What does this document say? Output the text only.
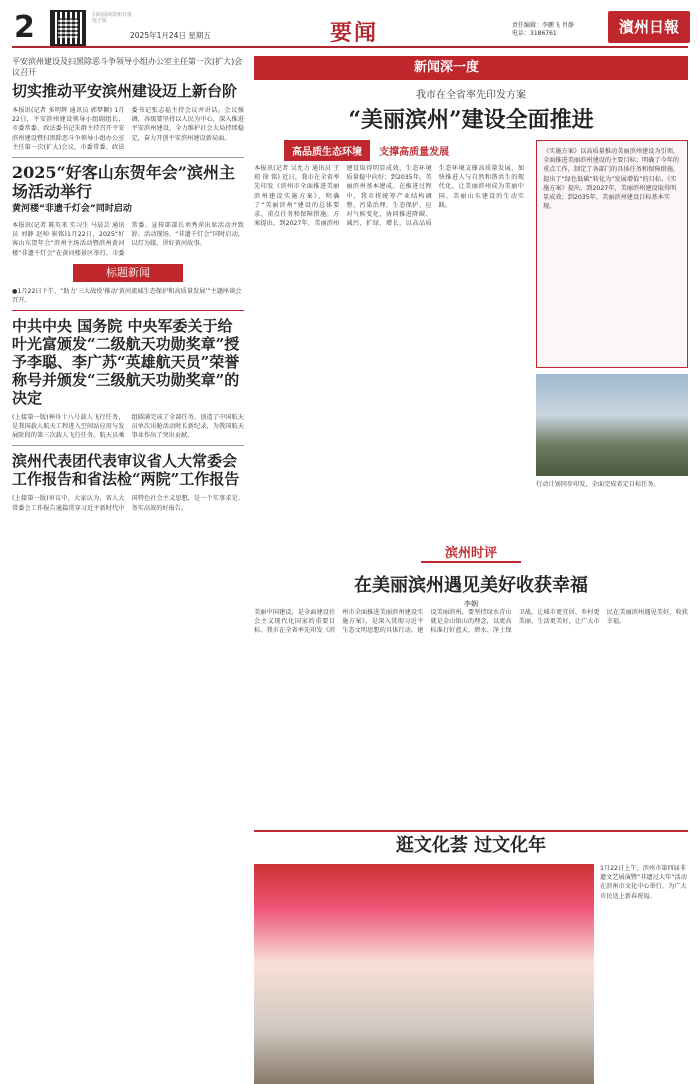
2	扫码阅读滨州日报电子版
2025年1月24日 星期五	要闻	责任编辑：李鹏飞 肖静
电话：3186761	濱州日報
平安滨州建设及扫黑除恶斗争领导小组办公室主任第一次(扩大)会议召开
切实推动平安滨州建设迈上新台阶
本报讯(记者 多明辉 通讯员 郭梦颖) 1月22日，平安滨州建设领导小组副组长、市委常委、政法委书记朱群主持召开平安滨州建设暨扫黑除恶斗争领导小组办公室主任第一次(扩大)会议，市委常委、政法委书记张志福主持会议并讲话。会议强调，各级要坚持以人民为中心，深入推进平安滨州建设，全力维护社会大局持续稳定，奋力开创平安滨州建设新局面。
2025“好客山东贺年会”滨州主场活动举行
黄河楼“非遗千灯会”同时启动
本报讯(记者 陈英来 实习生 马晨芸 通讯员 刘静 赵帅 崔铭)1月22日，2025“好客山东贺年会”滨州主场活动暨滨州黄河楼“非遗千灯会”在黄河楼景区举行，市委常委、宣传部部长刘秀萍出席活动并致辞。活动现场，“非遗千灯会”同时启动，以灯为媒，讲好黄河故事。
标题新闻
●1月22日下午，“助力‘三大战役’推动‘黄河流域生态保护和高质量发展’”主题座谈会召开。
中共中央 国务院 中央军委关于给叶光富颁发“二级航天功勋奖章”授予李聪、李广苏“英雄航天员”荣誉称号并颁发“三级航天功勋奖章”的决定
(上接第一版)神舟十八号载人飞行任务，是我国载人航天工程进入空间站应用与发展阶段的第三次载人飞行任务。航天员乘组圆满完成了全部任务，创造了中国航天员单次出舱活动时长新纪录，为我国航天事业作出了突出贡献。
滨州代表团代表审议省人大常委会工作报告和省法检“两院”工作报告
(上接第一版)审议中，大家认为，省人大常委会工作报告通篇贯穿习近平新时代中国特色社会主义思想，是一个实事求是、务实高效的好报告。
新闻深一度
我市在全省率先印发方案
“美丽滨州”建设全面推进
高品质生态环境 支撑高质量发展
本报讯(记者 吴允力 通讯员 王琼 徐 铭) 近日，我市在全省率先印发《滨州市全面推进美丽滨州建设实施方案》，明确了“美丽滨州”建设的总体要求、重点任务和保障措施。方案提出，到2027年，美丽滨州建设取得明显成效，生态环境质量稳中向好；到2035年，美丽滨州基本建成。在推进过程中，我市将统筹产业结构调整、污染治理、生态保护、应对气候变化，协同推进降碳、减污、扩绿、增长，以高品质生态环境支撑高质量发展，加快推进人与自然和谐共生的现代化，让美丽滨州成为美丽中国、美丽山东建设的生动实践。
《实施方案》以高质量推动美丽滨州建设为引领，全面推进美丽滨州建设的主要目标；明确了今年的重点工作，制定了各部门的具体任务和保障措施，提出了“绿色低碳”转化为“发展增值”的目标。《实施方案》提出，到2027年，美丽滨州建设取得明显成效；到2035年，美丽滨州建设目标基本实现。
行动计划同步印发，全面完成省定目标任务。
滨州时评
在美丽滨州遇见美好收获幸福
李娴
美丽中国建设，是全面建设社会主义现代化国家的重要目标。我市在全省率先印发《滨州市全面推进美丽滨州建设实施方案》，是深入贯彻习近平生态文明思想的具体行动。建设美丽滨州，要坚持绿水青山就是金山银山的理念，以更高标准打好蓝天、碧水、净土保卫战，让城市更宜居、乡村更美丽、生活更美好，让广大市民在美丽滨州遇见美好、收获幸福。
逛文化荟 过文化年
1月22日上午，滨州市第四届非遗文艺展演暨“非遗过大年”活动在滨州市文化中心举行，为广大市民送上新春祝福。
